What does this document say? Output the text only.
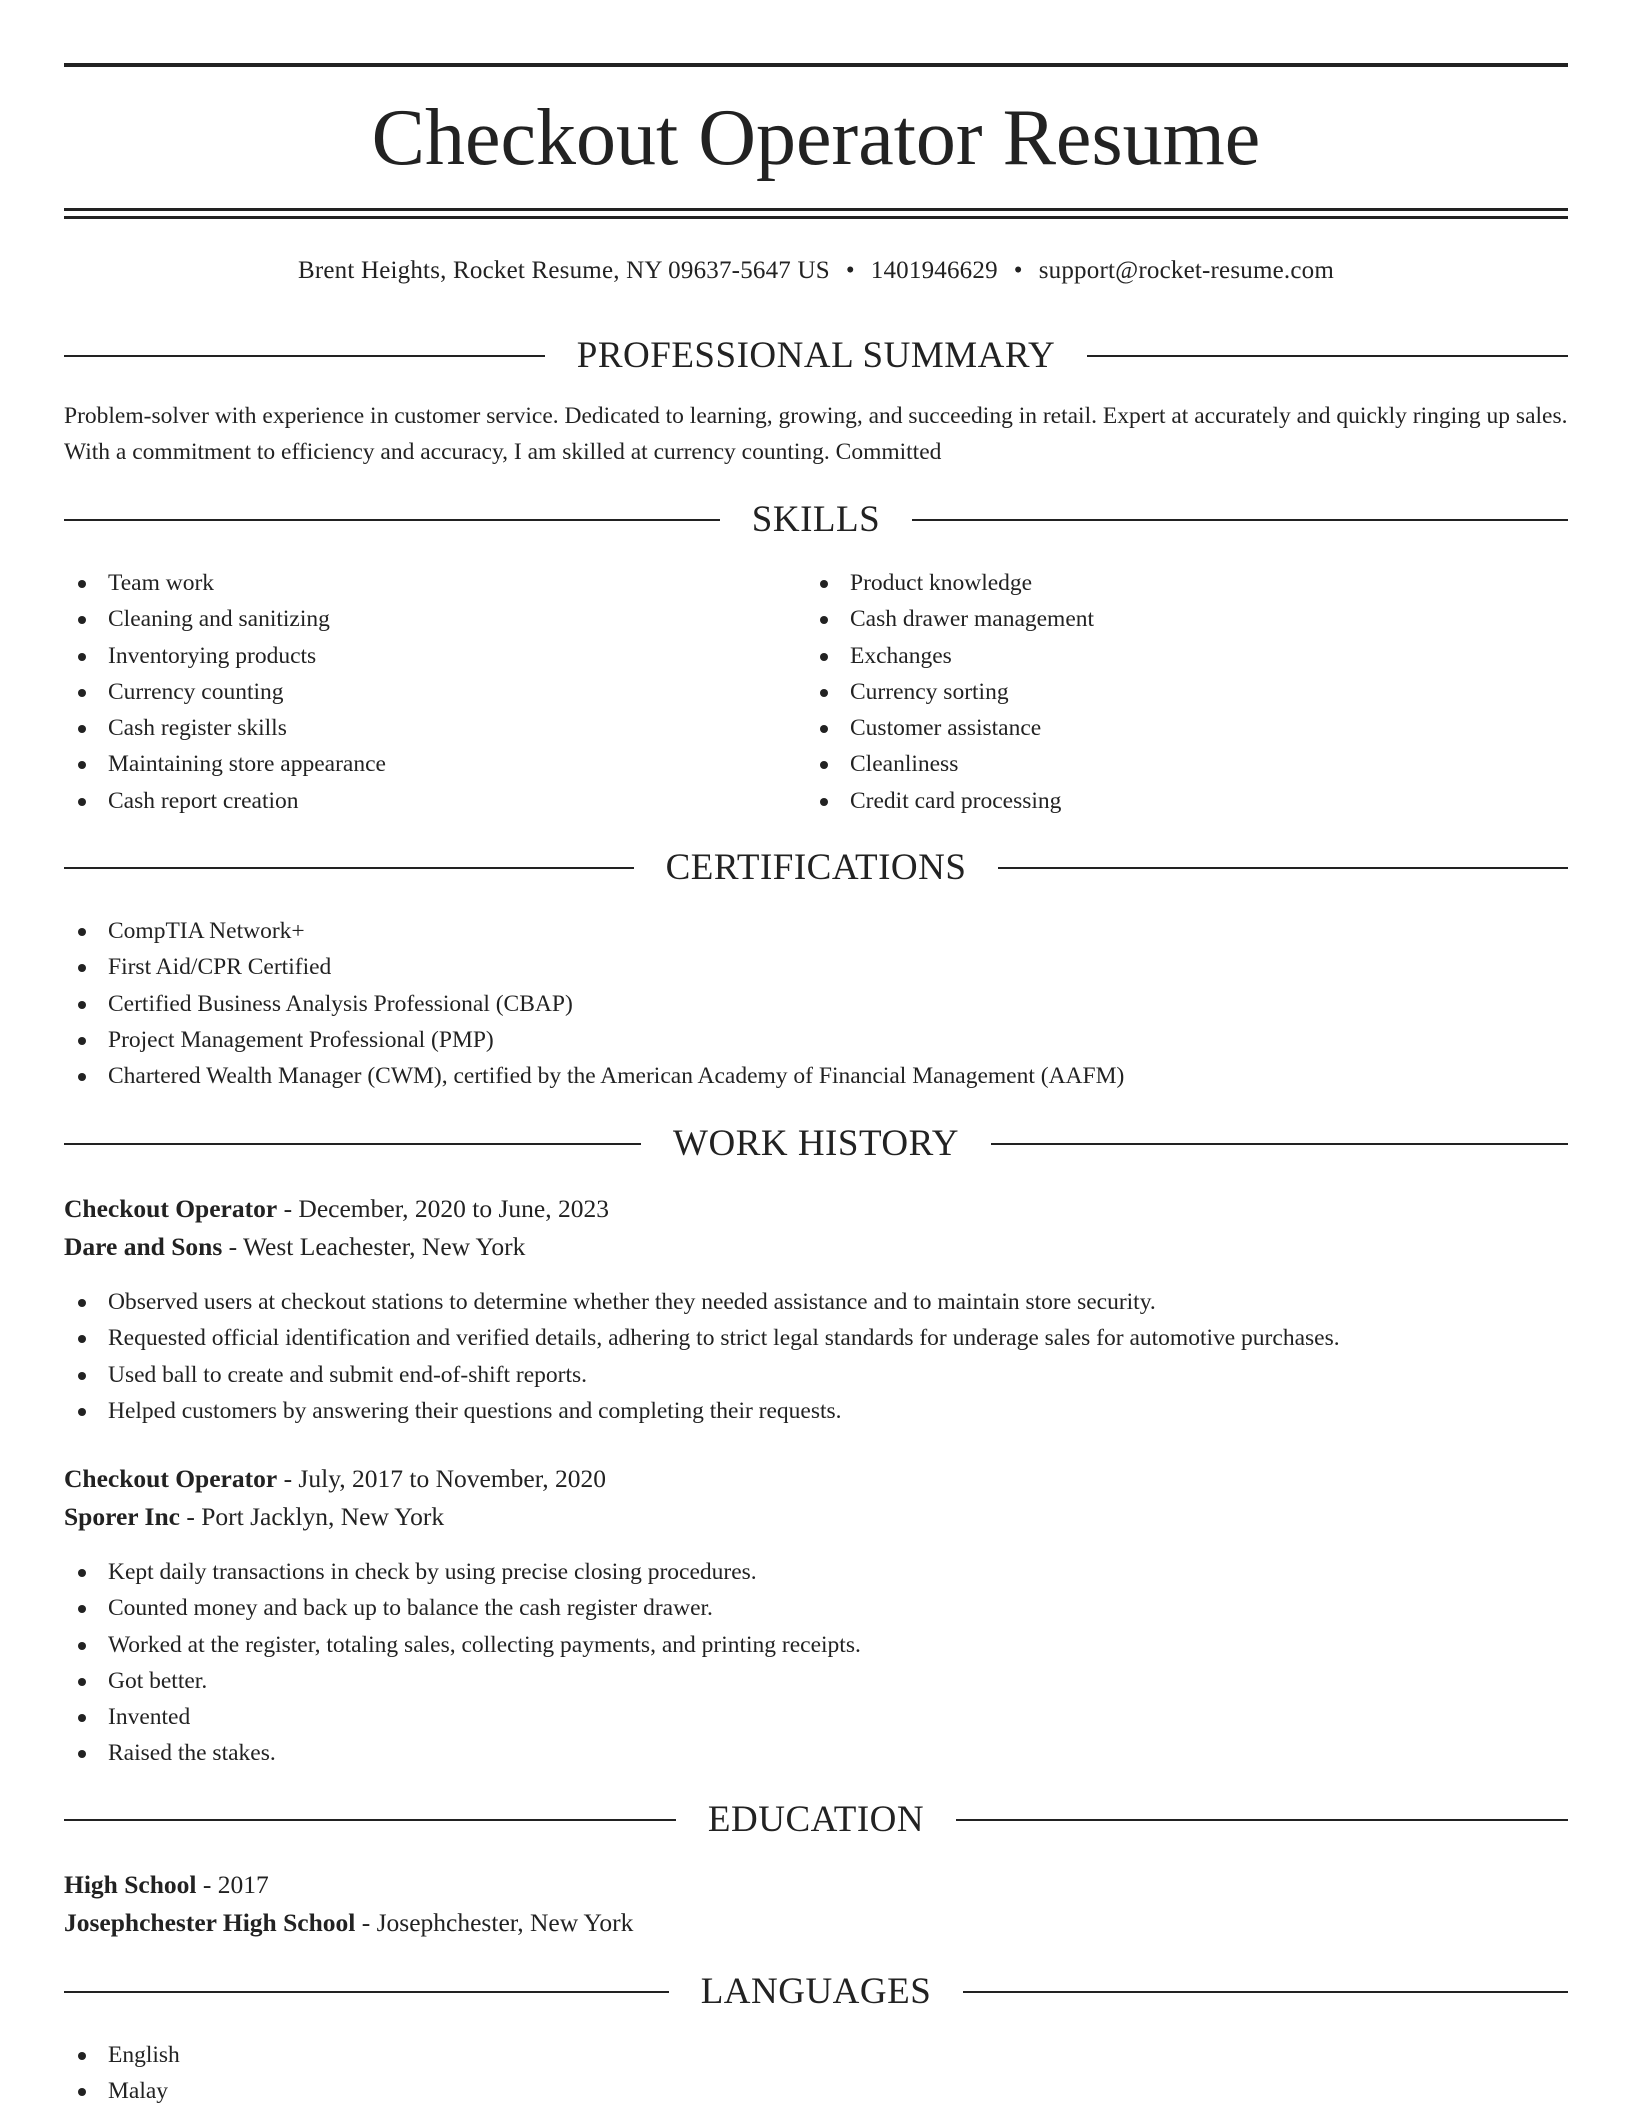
Checkout Operator Resume
Brent Heights, Rocket Resume, NY 09637-5647 US • 1401946629 • support@rocket-resume.com
PROFESSIONAL SUMMARY

Problem-solver with experience in customer service. Dedicated to learning, growing, and succeeding in retail. Expert at accurately and quickly ringing up sales. With a commitment to efficiency and accuracy, I am skilled at currency counting. Committed

SKILLS
Team work
Cleaning and sanitizing
Inventorying products
Currency counting
Cash register skills
Maintaining store appearance
Cash report creation
Product knowledge
Cash drawer management
Exchanges
Currency sorting
Customer assistance
Cleanliness
Credit card processing
CERTIFICATIONS
CompTIA Network+
First Aid/CPR Certified
Certified Business Analysis Professional (CBAP)
Project Management Professional (PMP)
Chartered Wealth Manager (CWM), certified by the American Academy of Financial Management (AAFM)
WORK HISTORY
Checkout Operator - December, 2020 to June, 2023
Dare and Sons - West Leachester, New York
Observed users at checkout stations to determine whether they needed assistance and to maintain store security.
Requested official identification and verified details, adhering to strict legal standards for underage sales for automotive purchases.
Used ball to create and submit end-of-shift reports.
Helped customers by answering their questions and completing their requests.
Checkout Operator - July, 2017 to November, 2020
Sporer Inc - Port Jacklyn, New York
Kept daily transactions in check by using precise closing procedures.
Counted money and back up to balance the cash register drawer.
Worked at the register, totaling sales, collecting payments, and printing receipts.
Got better.
Invented
Raised the stakes.
EDUCATION
High School - 2017
Josephchester High School - Josephchester, New York
LANGUAGES
English
Malay
